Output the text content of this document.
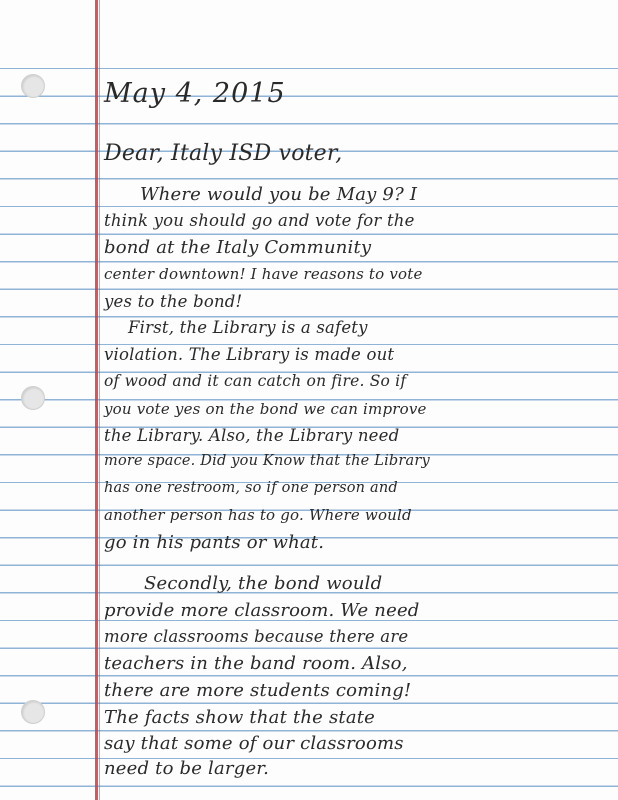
May 4, 2015
Dear, Italy ISD voter,
Where would you be May 9? I
think you should go and vote for the
bond at the Italy Community
center downtown! I have reasons to vote
yes to the bond!
First, the Library is a safety
violation. The Library is made out
of wood and it can catch on fire. So if
you vote yes on the bond we can improve
the Library. Also, the Library need
more space. Did you Know that the Library
has one restroom, so if one person and
another person has to go. Where would
go in his pants or what.
Secondly, the bond would
provide more classroom. We need
more classrooms because there are
teachers in the band room. Also,
there are more students coming!
The facts show that the state
say that some of our classrooms
need to be larger.
